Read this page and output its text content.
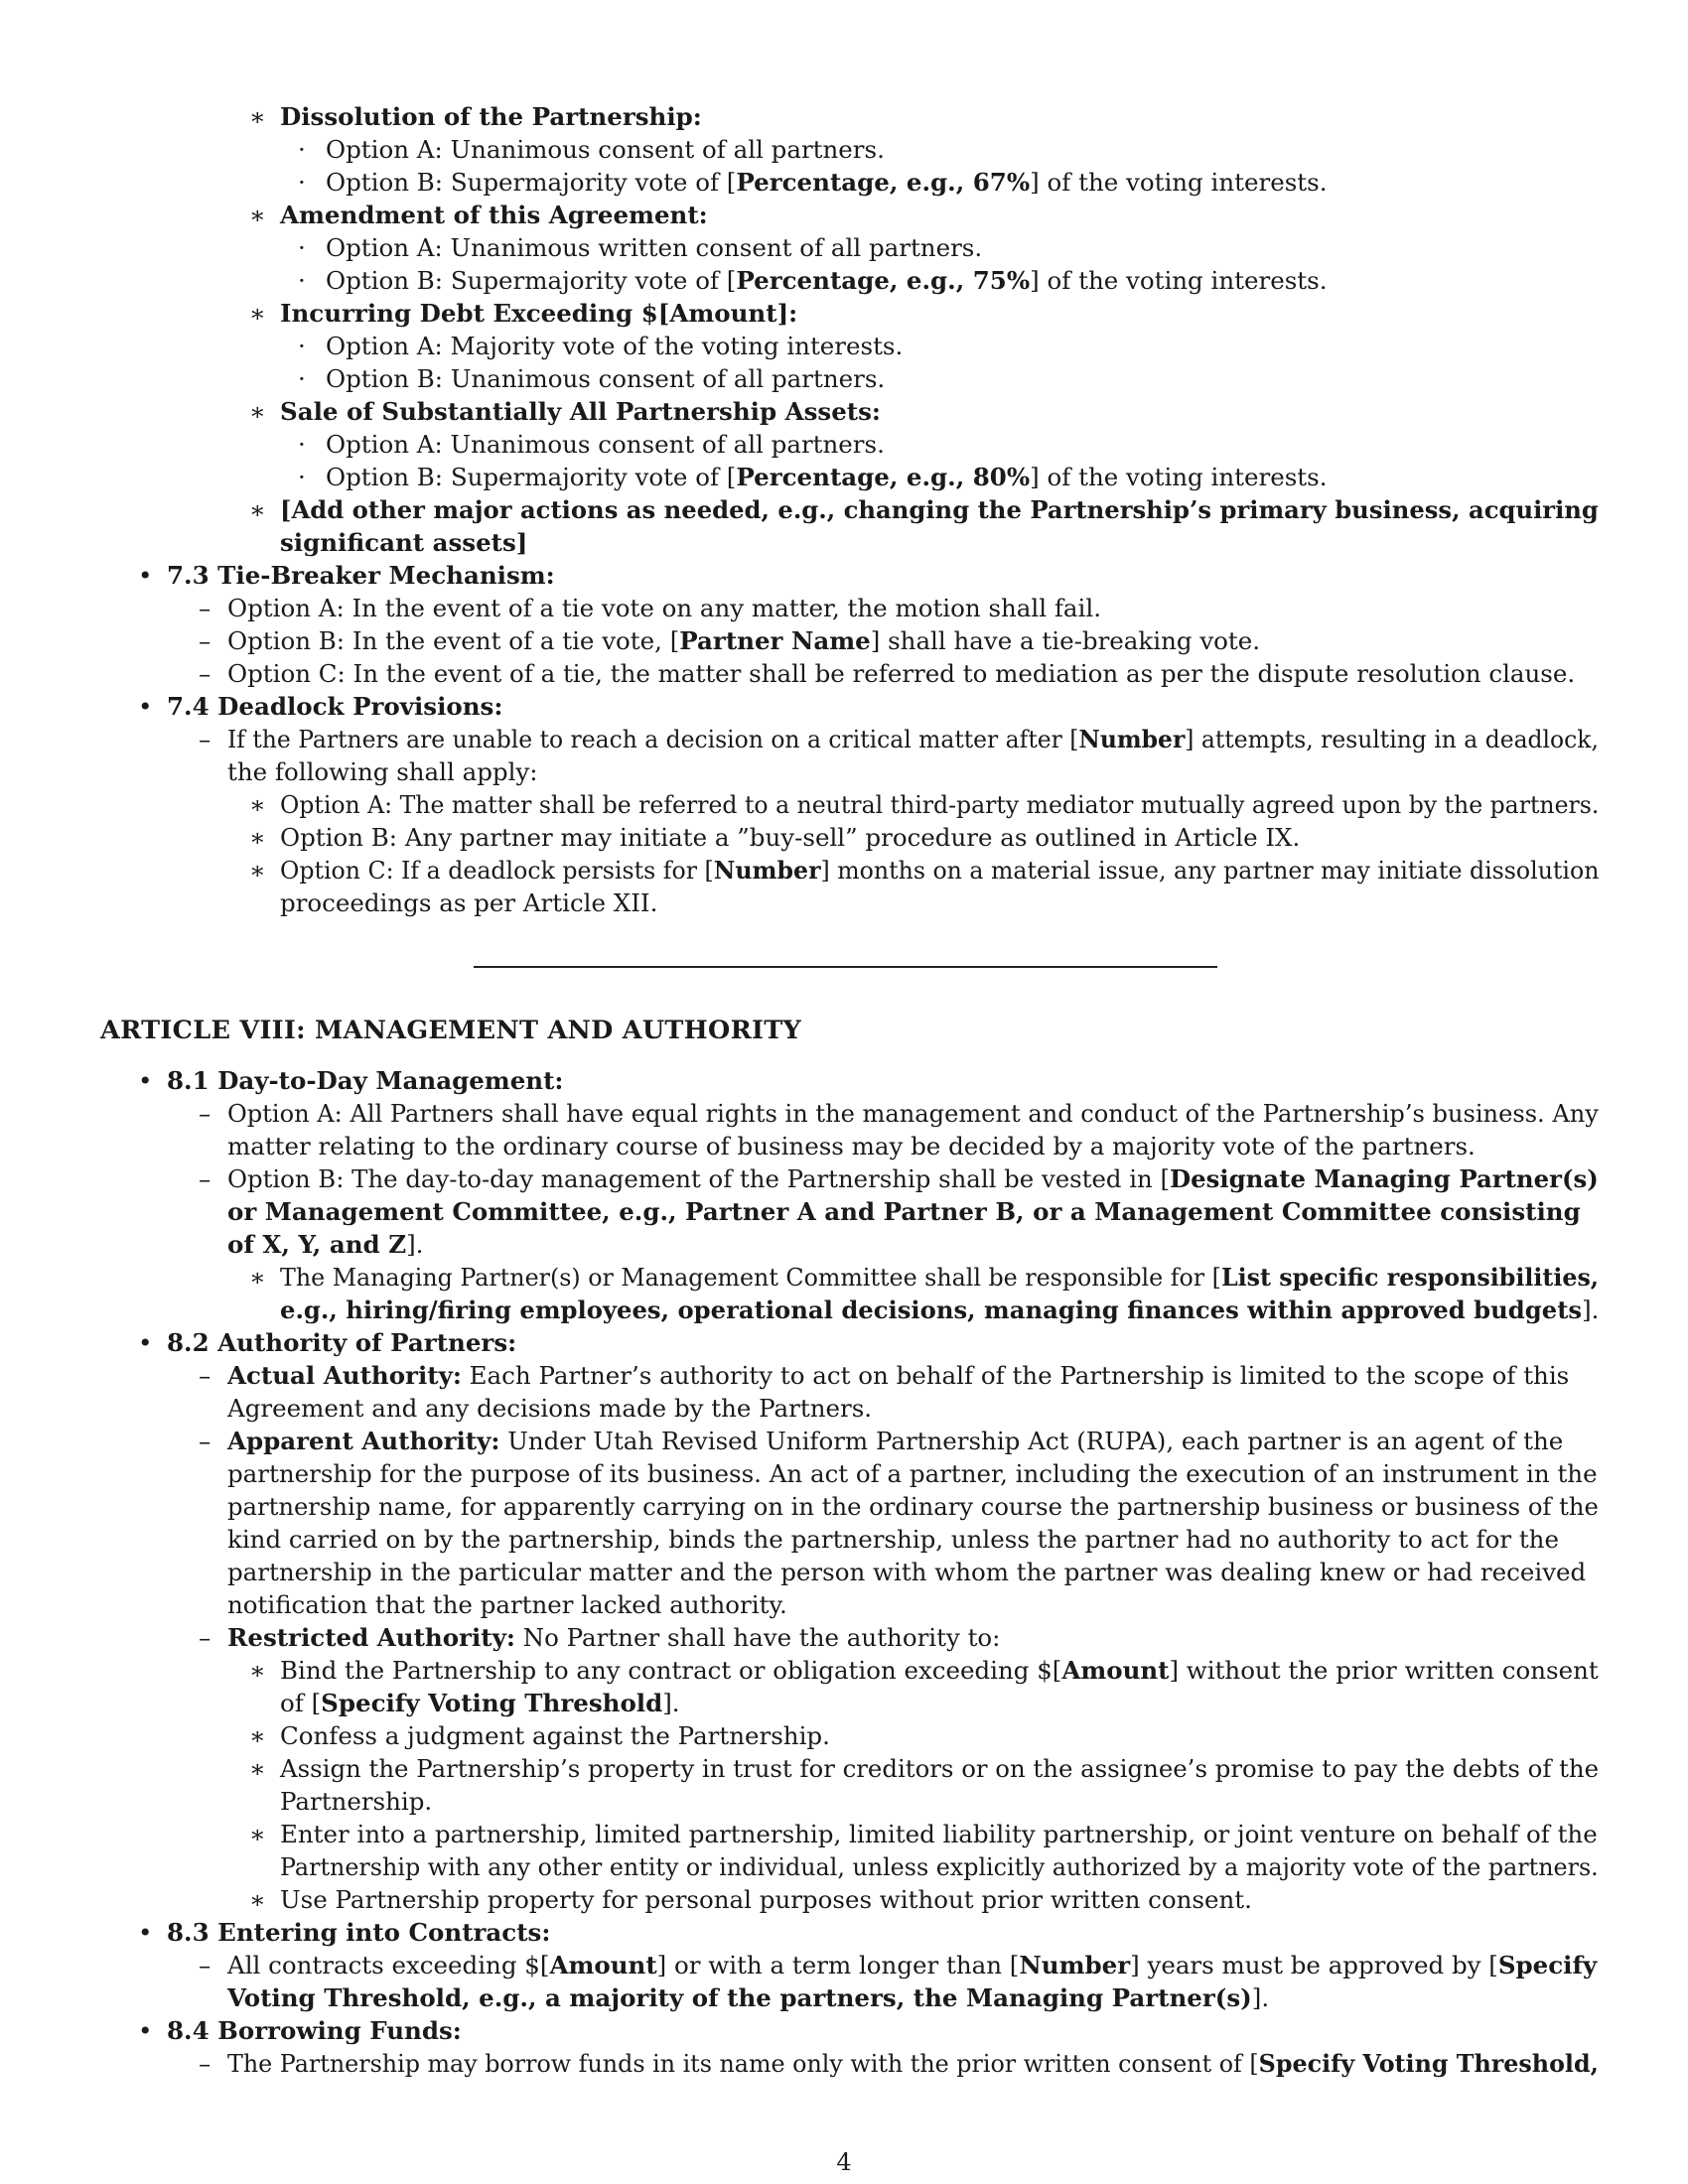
∗ Dissolution of the Partnership:
· Option A: Unanimous consent of all partners.
· Option B: Supermajority vote of [Percentage, e.g., 67%] of the voting interests.
∗ Amendment of this Agreement:
· Option A: Unanimous written consent of all partners.
· Option B: Supermajority vote of [Percentage, e.g., 75%] of the voting interests.
∗ Incurring Debt Exceeding $[Amount]:
· Option A: Majority vote of the voting interests.
· Option B: Unanimous consent of all partners.
∗ Sale of Substantially All Partnership Assets:
· Option A: Unanimous consent of all partners.
· Option B: Supermajority vote of [Percentage, e.g., 80%] of the voting interests.
∗ [Add other major actions as needed, e.g., changing the Partnership’s primary business, acquiring
significant assets]
• 7.3 Tie-Breaker Mechanism:
– Option A: In the event of a tie vote on any matter, the motion shall fail.
– Option B: In the event of a tie vote, [Partner Name] shall have a tie-breaking vote.
– Option C: In the event of a tie, the matter shall be referred to mediation as per the dispute resolution clause.
• 7.4 Deadlock Provisions:
– If the Partners are unable to reach a decision on a critical matter after [Number] attempts, resulting in a deadlock,
the following shall apply:
∗ Option A: The matter shall be referred to a neutral third-party mediator mutually agreed upon by the partners.
∗ Option B: Any partner may initiate a ”buy-sell” procedure as outlined in Article IX.
∗ Option C: If a deadlock persists for [Number] months on a material issue, any partner may initiate dissolution
proceedings as per Article XII.
ARTICLE VIII: MANAGEMENT AND AUTHORITY
• 8.1 Day-to-Day Management:
– Option A: All Partners shall have equal rights in the management and conduct of the Partnership’s business. Any
matter relating to the ordinary course of business may be decided by a majority vote of the partners.
– Option B: The day-to-day management of the Partnership shall be vested in [Designate Managing Partner(s)
or Management Committee, e.g., Partner A and Partner B, or a Management Committee consisting
of X, Y, and Z].
∗ The Managing Partner(s) or Management Committee shall be responsible for [List specific responsibilities,
e.g., hiring/firing employees, operational decisions, managing finances within approved budgets].
• 8.2 Authority of Partners:
– Actual Authority: Each Partner’s authority to act on behalf of the Partnership is limited to the scope of this
Agreement and any decisions made by the Partners.
– Apparent Authority: Under Utah Revised Uniform Partnership Act (RUPA), each partner is an agent of the
partnership for the purpose of its business. An act of a partner, including the execution of an instrument in the
partnership name, for apparently carrying on in the ordinary course the partnership business or business of the
kind carried on by the partnership, binds the partnership, unless the partner had no authority to act for the
partnership in the particular matter and the person with whom the partner was dealing knew or had received
notification that the partner lacked authority.
– Restricted Authority: No Partner shall have the authority to:
∗ Bind the Partnership to any contract or obligation exceeding $[Amount] without the prior written consent
of [Specify Voting Threshold].
∗ Confess a judgment against the Partnership.
∗ Assign the Partnership’s property in trust for creditors or on the assignee’s promise to pay the debts of the
Partnership.
∗ Enter into a partnership, limited partnership, limited liability partnership, or joint venture on behalf of the
Partnership with any other entity or individual, unless explicitly authorized by a majority vote of the partners.
∗ Use Partnership property for personal purposes without prior written consent.
• 8.3 Entering into Contracts:
– All contracts exceeding $[Amount] or with a term longer than [Number] years must be approved by [Specify
Voting Threshold, e.g., a majority of the partners, the Managing Partner(s)].
• 8.4 Borrowing Funds:
– The Partnership may borrow funds in its name only with the prior written consent of [Specify Voting Threshold,
4
